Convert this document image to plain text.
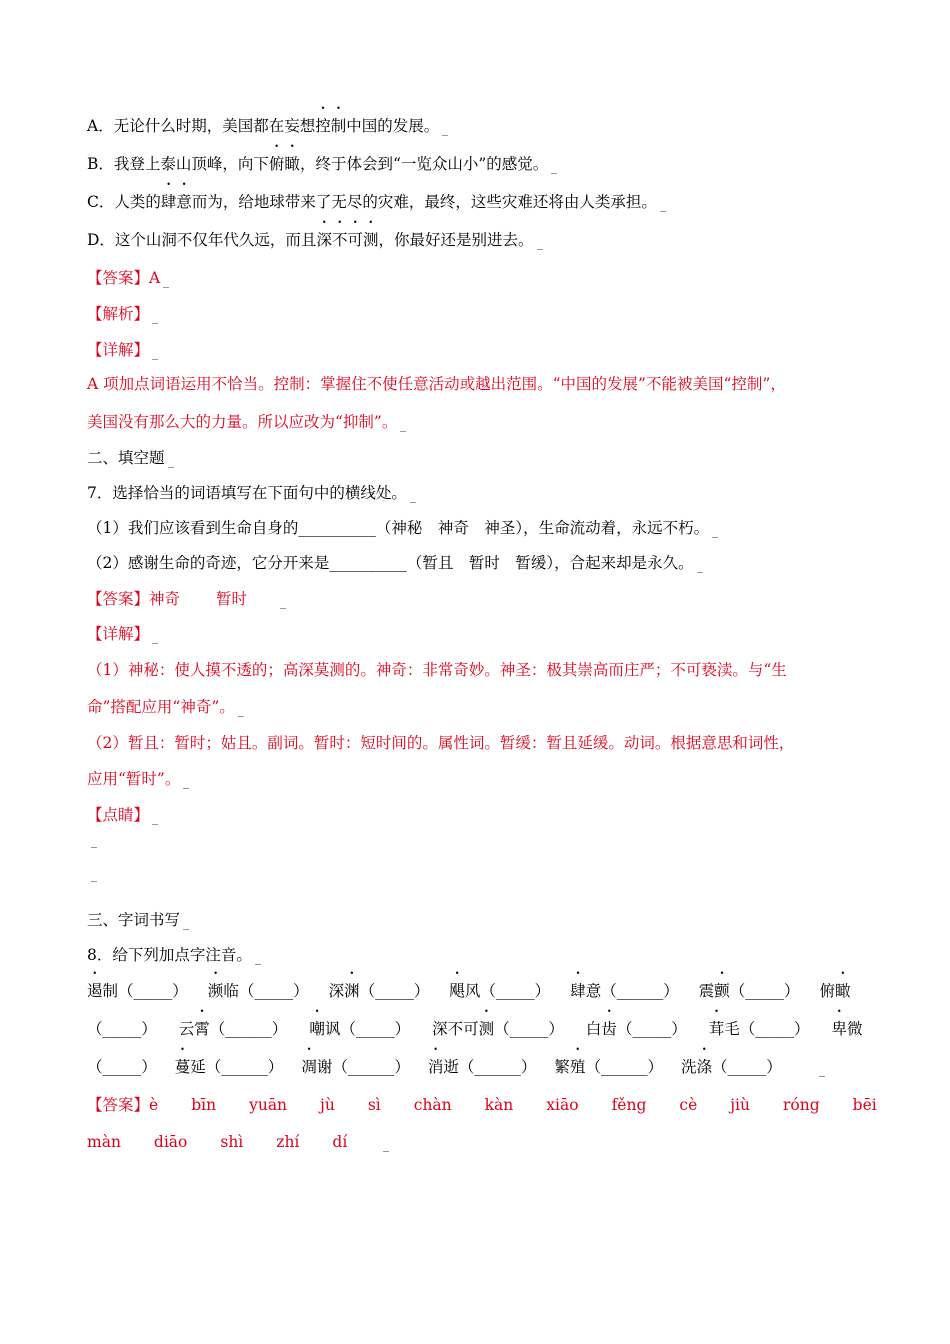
A．无论什么时期，美国都在妄想控制中国的发展。
B．我登上泰山顶峰，向下俯瞰，终于体会到“一览众山小”的感觉。
C．人类的肆意而为，给地球带来了无尽的灾难，最终，这些灾难还将由人类承担。
D．这个山洞不仅年代久远，而且深不可测，你最好还是别进去。
【答案】A
【解析】
【详解】
A 项加点词语运用不恰当。控制：掌握住不使任意活动或越出范围。“中国的发展”不能被美国“控制”，
美国没有那么大的力量。所以应改为“抑制”。
二、填空题
7．选择恰当的词语填写在下面句中的横线处。
（1）我们应该看到生命自身的__________（神秘　神奇　神圣），生命流动着，永远不朽。
（2）感谢生命的奇迹，它分开来是__________（暂且　暂时　暂缓），合起来却是永久。
【答案】神奇 暂时
【详解】
（1）神秘：使人摸不透的；高深莫测的。神奇：非常奇妙。神圣：极其崇高而庄严；不可亵渎。与“生
命”搭配应用“神奇”。
（2）暂且：暂时；姑且。副词。暂时：短时间的。属性词。暂缓：暂且延缓。动词。根据意思和词性，
应用“暂时”。
【点睛】
三、字词书写
8．给下列加点字注音。
遏制（_____） 濒临（_____） 深渊（_____） 飓风（_____） 肆意（______） 震颤（_____） 俯瞰
（_____） 云霄（______） 嘲讽（_____） 深不可测（_____） 白齿（_____） 茸毛（_____） 卑微
（_____） 蔓延（______） 凋谢（______） 消逝（______） 繁殖（______） 洗涤（_____）
【答案】è bīn yuān jù sì chàn kàn xiāo fěng cè jiù róng bēi
màn diāo shì zhí dí
